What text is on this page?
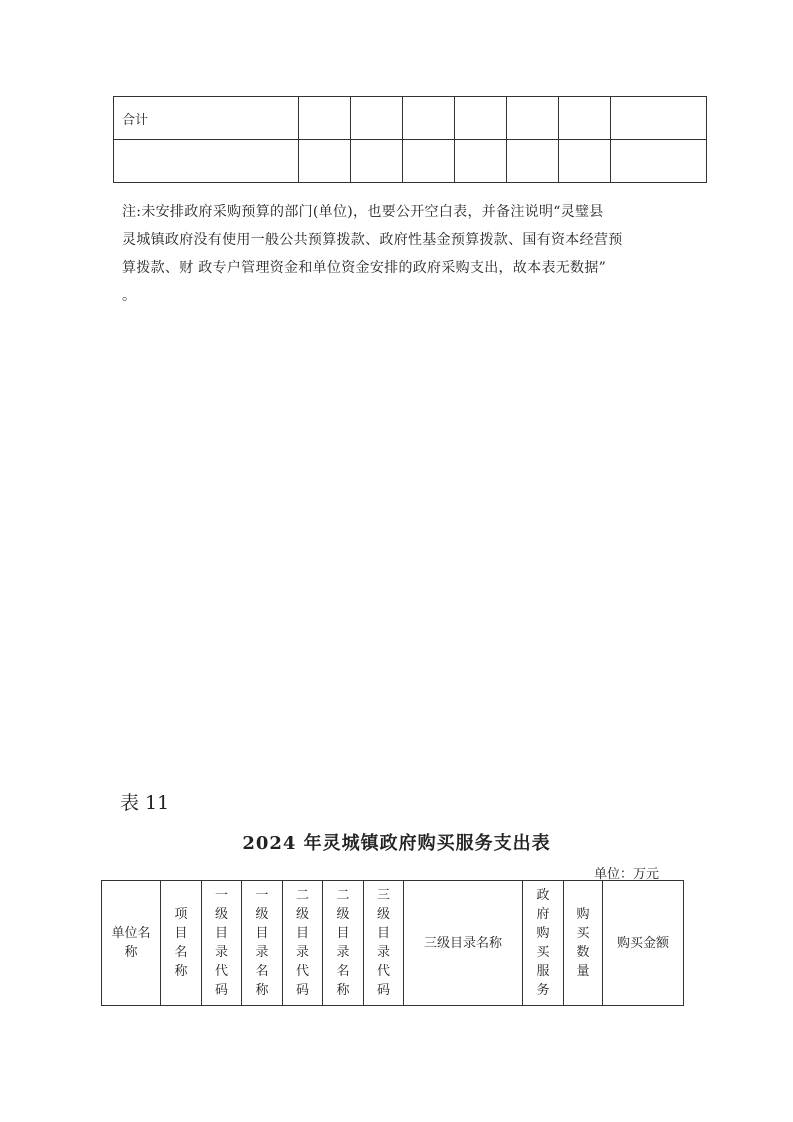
合计							

注:未安排政府采购预算的部门(单位)，也要公开空白表，并备注说明“灵璧县

灵城镇政府没有使用一般公共预算拨款、政府性基金预算拨款、国有资本经营预

算拨款、财 政专户管理资金和单位资金安排的政府采购支出，故本表无数据”

。

表 11

2024 年灵城镇政府购买服务支出表

单位：万元

单位名称	项目名称	一级目录代码	一级目录名称	二级目录代码	二级目录名称	三级目录代码	三级目录名称	政府购买服务	购买数量	购买金额
